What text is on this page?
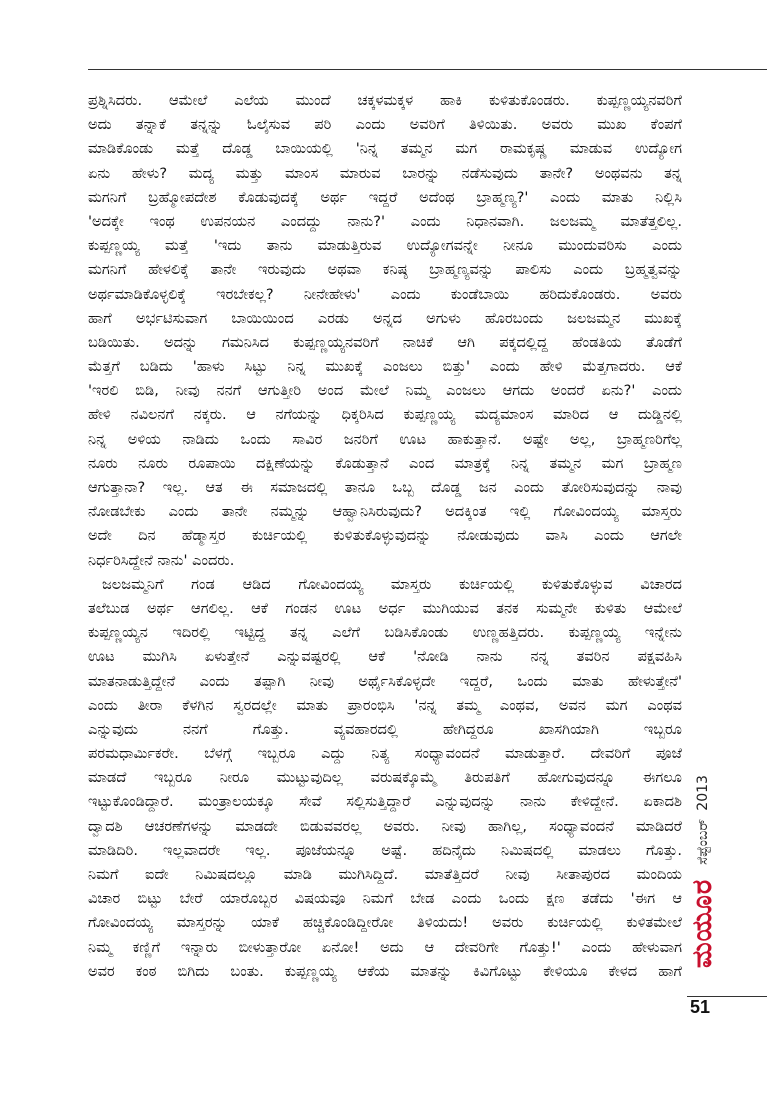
ಪ್ರಶ್ನಿಸಿದರು. ಆಮೇಲೆ ಎಲೆಯ ಮುಂದೆ ಚಕ್ಕಳಮಕ್ಕಳ ಹಾಕಿ ಕುಳಿತುಕೊಂಡರು. ಕುಪ್ಪಣ್ಣಯ್ಯನವರಿಗೆ
ಅದು ತನ್ನಾಕೆ ತನ್ನನ್ನು ಓಲೈಸುವ ಪರಿ ಎಂದು ಅವರಿಗೆ ತಿಳಿಯಿತು. ಅವರು ಮುಖ ಕೆಂಪಗೆ
ಮಾಡಿಕೊಂಡು ಮತ್ತೆ ದೊಡ್ಡ ಬಾಯಿಯಲ್ಲಿ 'ನಿನ್ನ ತಮ್ಮನ ಮಗ ರಾಮಕೃಷ್ಣ ಮಾಡುವ ಉದ್ಯೋಗ
ಏನು ಹೇಳು? ಮದ್ಯ ಮತ್ತು ಮಾಂಸ ಮಾರುವ ಬಾರನ್ನು ನಡೆಸುವುದು ತಾನೇ? ಅಂಥವನು ತನ್ನ
ಮಗನಿಗೆ ಬ್ರಹ್ಮೋಪದೇಶ ಕೊಡುವುದಕ್ಕೆ ಅರ್ಥ ಇದ್ದರೆ ಅದೆಂಥ ಬ್ರಾಹ್ಮಣ್ಯ?' ಎಂದು ಮಾತು ನಿಲ್ಲಿಸಿ
'ಅದಕ್ಕೇ ಇಂಥ ಉಪನಯನ ಎಂದದ್ದು ನಾನು?' ಎಂದು ನಿಧಾನವಾಗಿ. ಜಲಜಮ್ಮ ಮಾತೆತ್ತಲಿಲ್ಲ.
ಕುಪ್ಪಣ್ಣಯ್ಯ ಮತ್ತೆ 'ಇದು ತಾನು ಮಾಡುತ್ತಿರುವ ಉದ್ಯೋಗವನ್ನೇ ನೀನೂ ಮುಂದುವರಿಸು ಎಂದು
ಮಗನಿಗೆ ಹೇಳಲಿಕ್ಕೆ ತಾನೇ ಇರುವುದು ಅಥವಾ ಕನಿಷ್ಠ ಬ್ರಾಹ್ಮಣ್ಯವನ್ನು ಪಾಲಿಸು ಎಂದು ಬ್ರಹ್ಮತ್ವವನ್ನು
ಅರ್ಥಮಾಡಿಕೊಳ್ಳಲಿಕ್ಕೆ ಇರಬೇಕಲ್ಲ? ನೀನೇಹೇಳು' ಎಂದು ಕುಂಡೆಬಾಯಿ ಹರಿದುಕೊಂಡರು. ಅವರು
ಹಾಗೆ ಅರ್ಭಟಿಸುವಾಗ ಬಾಯಿಯಿಂದ ಎರಡು ಅನ್ನದ ಅಗುಳು ಹೊರಬಂದು ಜಲಜಮ್ಮನ ಮುಖಕ್ಕೆ
ಬಡಿಯಿತು. ಅದನ್ನು ಗಮನಿಸಿದ ಕುಪ್ಪಣ್ಣಯ್ಯನವರಿಗೆ ನಾಚಿಕೆ ಆಗಿ ಪಕ್ಕದಲ್ಲಿದ್ದ ಹೆಂಡತಿಯ ತೊಡೆಗೆ
ಮೆತ್ತಗೆ ಬಡಿದು 'ಹಾಳು ಸಿಟ್ಟು ನಿನ್ನ ಮುಖಕ್ಕೆ ಎಂಜಲು ಬಿತ್ತು' ಎಂದು ಹೇಳಿ ಮೆತ್ತಗಾದರು. ಆಕೆ
'ಇರಲಿ ಬಿಡಿ, ನೀವು ನನಗೆ ಆಗುತ್ತೀರಿ ಅಂದ ಮೇಲೆ ನಿಮ್ಮ ಎಂಜಲು ಆಗದು ಅಂದರೆ ಏನು?' ಎಂದು
ಹೇಳಿ ನವಿಲನಗೆ ನಕ್ಕರು. ಆ ನಗೆಯನ್ನು ಧಿಕ್ಕರಿಸಿದ ಕುಪ್ಪಣ್ಣಯ್ಯ ಮದ್ಯಮಾಂಸ ಮಾರಿದ ಆ ದುಡ್ಡಿನಲ್ಲಿ
ನಿನ್ನ ಅಳಿಯ ನಾಡಿದು ಒಂದು ಸಾವಿರ ಜನರಿಗೆ ಊಟ ಹಾಕುತ್ತಾನೆ. ಅಷ್ಟೇ ಅಲ್ಲ, ಬ್ರಾಹ್ಮಣರಿಗೆಲ್ಲ
ನೂರು ನೂರು ರೂಪಾಯಿ ದಕ್ಷಿಣೆಯನ್ನು ಕೊಡುತ್ತಾನೆ ಎಂದ ಮಾತ್ರಕ್ಕೆ ನಿನ್ನ ತಮ್ಮನ ಮಗ ಬ್ರಾಹ್ಮಣ
ಆಗುತ್ತಾನಾ? ಇಲ್ಲ. ಆತ ಈ ಸಮಾಜದಲ್ಲಿ ತಾನೂ ಒಬ್ಬ ದೊಡ್ಡ ಜನ ಎಂದು ತೋರಿಸುವುದನ್ನು ನಾವು
ನೋಡಬೇಕು ಎಂದು ತಾನೇ ನಮ್ಮನ್ನು ಆಹ್ವಾನಿಸಿರುವುದು? ಅದಕ್ಕಿಂತ ಇಲ್ಲಿ ಗೋವಿಂದಯ್ಯ ಮಾಸ್ತರು
ಅದೇ ದಿನ ಹೆಡ್ಮಾಸ್ತರ ಕುರ್ಚಿಯಲ್ಲಿ ಕುಳಿತುಕೊಳ್ಳುವುದನ್ನು ನೋಡುವುದು ವಾಸಿ ಎಂದು ಆಗಲೇ
ನಿರ್ಧರಿಸಿದ್ದೇನೆ ನಾನು' ಎಂದರು.
ಜಲಜಮ್ಮನಿಗೆ ಗಂಡ ಆಡಿದ ಗೋವಿಂದಯ್ಯ ಮಾಸ್ತರು ಕುರ್ಚಿಯಲ್ಲಿ ಕುಳಿತುಕೊಳ್ಳುವ ವಿಚಾರದ
ತಲೆಬುಡ ಅರ್ಥ ಆಗಲಿಲ್ಲ. ಆಕೆ ಗಂಡನ ಊಟ ಅರ್ಧ ಮುಗಿಯುವ ತನಕ ಸುಮ್ಮನೇ ಕುಳಿತು ಆಮೇಲೆ
ಕುಪ್ಪಣ್ಣಯ್ಯನ ಇದಿರಲ್ಲಿ ಇಟ್ಟಿದ್ದ ತನ್ನ ಎಲೆಗೆ ಬಡಿಸಿಕೊಂಡು ಉಣ್ಣಹತ್ತಿದರು. ಕುಪ್ಪಣ್ಣಯ್ಯ ಇನ್ನೇನು
ಊಟ ಮುಗಿಸಿ ಏಳುತ್ತೇನೆ ಎನ್ನುವಷ್ಟರಲ್ಲಿ ಆಕೆ 'ನೋಡಿ ನಾನು ನನ್ನ ತವರಿನ ಪಕ್ಷವಹಿಸಿ
ಮಾತನಾಡುತ್ತಿದ್ದೇನೆ ಎಂದು ತಪ್ಪಾಗಿ ನೀವು ಅರ್ಥೈಸಿಕೊಳ್ಳದೇ ಇದ್ದರೆ, ಒಂದು ಮಾತು ಹೇಳುತ್ತೇನೆ'
ಎಂದು ತೀರಾ ಕೆಳಗಿನ ಸ್ವರದಲ್ಲೇ ಮಾತು ಪ್ರಾರಂಭಿಸಿ 'ನನ್ನ ತಮ್ಮ ಎಂಥವ, ಅವನ ಮಗ ಎಂಥವ
ಎನ್ನುವುದು ನನಗೆ ಗೊತ್ತು. ವ್ಯವಹಾರದಲ್ಲಿ ಹೇಗಿದ್ದರೂ ಖಾಸಗಿಯಾಗಿ ಇಬ್ಬರೂ
ಪರಮಧಾರ್ಮಿಕರೇ. ಬೆಳಗ್ಗೆ ಇಬ್ಬರೂ ಎದ್ದು ನಿತ್ಯ ಸಂಧ್ಯಾವಂದನೆ ಮಾಡುತ್ತಾರೆ. ದೇವರಿಗೆ ಪೂಜೆ
ಮಾಡದೆ ಇಬ್ಬರೂ ನೀರೂ ಮುಟ್ಟುವುದಿಲ್ಲ ವರುಷಕ್ಕೊಮ್ಮೆ ತಿರುಪತಿಗೆ ಹೋಗುವುದನ್ನೂ ಈಗಲೂ
ಇಟ್ಟುಕೊಂಡಿದ್ದಾರೆ. ಮಂತ್ರಾಲಯಕ್ಕೂ ಸೇವೆ ಸಲ್ಲಿಸುತ್ತಿದ್ದಾರೆ ಎನ್ನುವುದನ್ನು ನಾನು ಕೇಳಿದ್ದೇನೆ. ಏಕಾದಶಿ
ದ್ವಾದಶಿ ಆಚರಣೆಗಳನ್ನು ಮಾಡದೇ ಬಿಡುವವರಲ್ಲ ಅವರು. ನೀವು ಹಾಗಿಲ್ಲ, ಸಂಧ್ಯಾವಂದನೆ ಮಾಡಿದರೆ
ಮಾಡಿದಿರಿ. ಇಲ್ಲವಾದರೇ ಇಲ್ಲ. ಪೂಜೆಯನ್ನೂ ಅಷ್ಟೆ. ಹದಿನೈದು ನಿಮಿಷದಲ್ಲಿ ಮಾಡಲು ಗೊತ್ತು.
ನಿಮಗೆ ಐದೇ ನಿಮಿಷದಲ್ಲೂ ಮಾಡಿ ಮುಗಿಸಿದ್ದಿದೆ. ಮಾತೆತ್ತಿದರೆ ನೀವು ಸೀತಾಪುರದ ಮಂದಿಯ
ವಿಚಾರ ಬಿಟ್ಟು ಬೇರೆ ಯಾರೊಬ್ಬರ ವಿಷಯವೂ ನಿಮಗೆ ಬೇಡ ಎಂದು ಒಂದು ಕ್ಷಣ ತಡೆದು 'ಈಗ ಆ
ಗೋವಿಂದಯ್ಯ ಮಾಸ್ತರನ್ನು ಯಾಕೆ ಹಚ್ಚಿಕೊಂಡಿದ್ದೀರೋ ತಿಳಿಯದು! ಅವರು ಕುರ್ಚಿಯಲ್ಲಿ ಕುಳಿತಮೇಲೆ
ನಿಮ್ಮ ಕಣ್ಣಿಗೆ ಇನ್ನಾರು ಬೀಳುತ್ತಾರೋ ಏನೋ! ಅದು ಆ ದೇವರಿಗೇ ಗೊತ್ತು!' ಎಂದು ಹೇಳುವಾಗ
ಅವರ ಕಂಠ ಬಿಗಿದು ಬಂತು. ಕುಪ್ಪಣ್ಣಯ್ಯ ಆಕೆಯ ಮಾತನ್ನು ಕಿವಿಗೊಟ್ಟು ಕೇಳಿಯೂ ಕೇಳದ ಹಾಗೆ
ಮಯೂರ
ಸೆಪ್ಟೆಂಬರ್
2013
51
